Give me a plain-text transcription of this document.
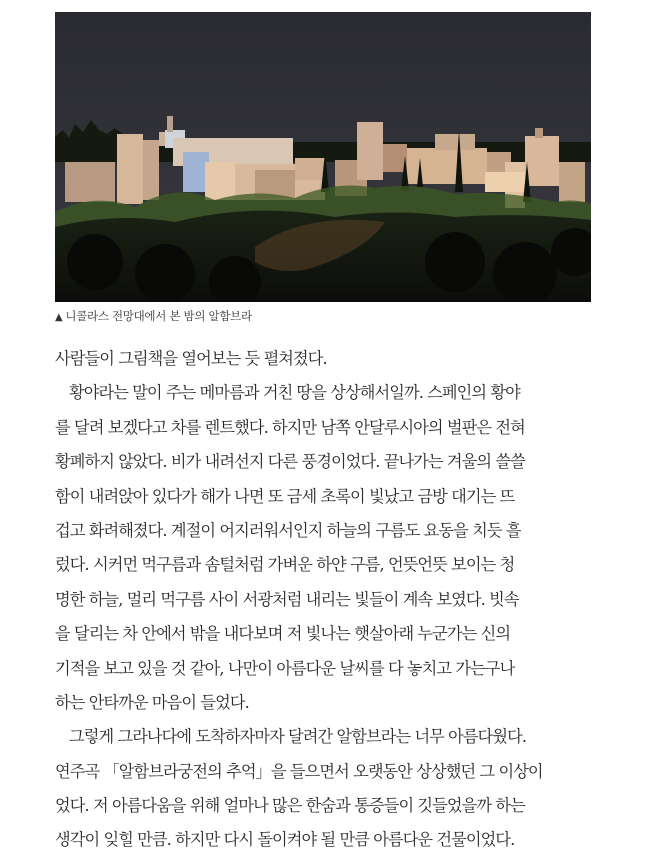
▲ 니콜라스 전망대에서 본 밤의 알함브라
사람들이 그림책을 열어보는 듯 펼쳐졌다.
황야라는 말이 주는 메마름과 거친 땅을 상상해서일까. 스페인의 황야
를 달려 보겠다고 차를 렌트했다. 하지만 남쪽 안달루시아의 벌판은 전혀
황폐하지 않았다. 비가 내려선지 다른 풍경이었다. 끝나가는 겨울의 쓸쓸
함이 내려앉아 있다가 해가 나면 또 금세 초록이 빛났고 금방 대기는 뜨
겁고 화려해졌다. 계절이 어지러워서인지 하늘의 구름도 요동을 치듯 흘
렀다. 시커먼 먹구름과 솜털처럼 가벼운 하얀 구름, 언뜻언뜻 보이는 청
명한 하늘, 멀리 먹구름 사이 서광처럼 내리는 빛들이 계속 보였다. 빗속
을 달리는 차 안에서 밖을 내다보며 저 빛나는 햇살아래 누군가는 신의
기적을 보고 있을 것 같아, 나만이 아름다운 날씨를 다 놓치고 가는구나
하는 안타까운 마음이 들었다.
그렇게 그라나다에 도착하자마자 달려간 알함브라는 너무 아름다웠다.
연주곡 「알함브라궁전의 추억」을 들으면서 오랫동안 상상했던 그 이상이
었다. 저 아름다움을 위해 얼마나 많은 한숨과 통증들이 깃들었을까 하는
생각이 잊힐 만큼. 하지만 다시 돌이켜야 될 만큼 아름다운 건물이었다.
